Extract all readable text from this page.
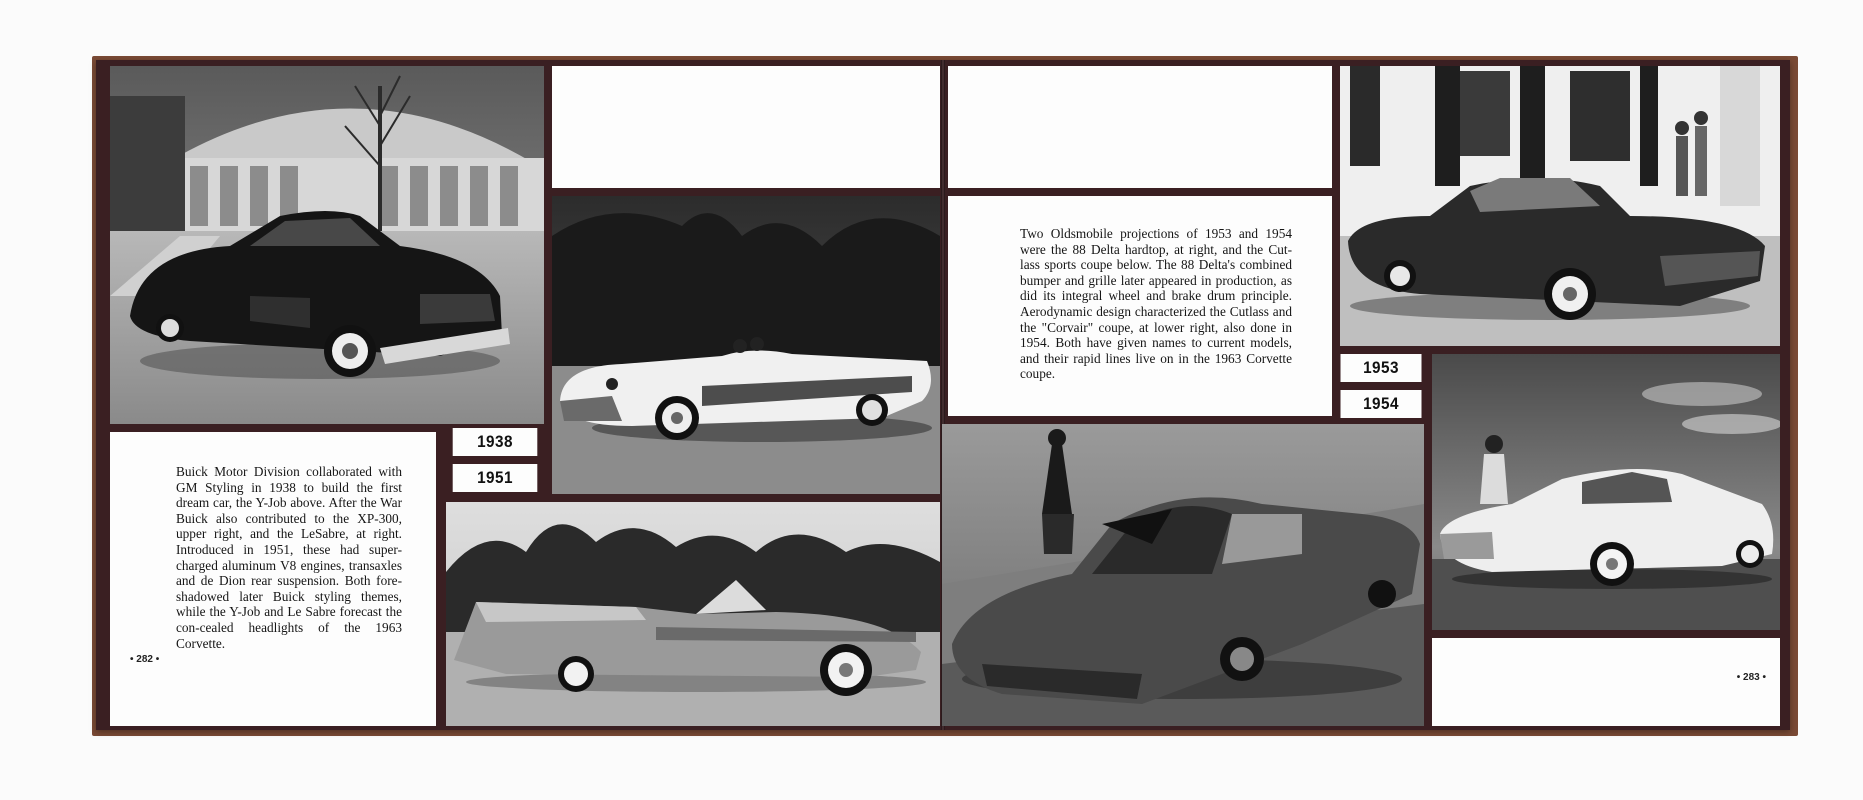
Buick Motor Division collaborated with GM Styling in 1938 to build the first dream car, the Y-Job above. After the War Buick also contributed to the XP-300, upper right, and the LeSabre, at right. Introduced in 1951, these had super-charged aluminum V8 engines, transaxles and de Dion rear suspension. Both fore-shadowed later Buick styling themes, while the Y-Job and Le Sabre forecast the con-cealed headlights of the 1963 Corvette.

• 282 •
1938
1951

Two Oldsmobile projections of 1953 and 1954 were the 88 Delta hardtop, at right, and the Cut-lass sports coupe below. The 88 Delta's combined bumper and grille later appeared in production, as did its integral wheel and brake drum principle. Aerodynamic design characterized the Cutlass and the "Corvair" coupe, at lower right, also done in 1954. Both have given names to current models, and their rapid lines live on in the 1963 Corvette coupe.	1953
1954
• 283 •
